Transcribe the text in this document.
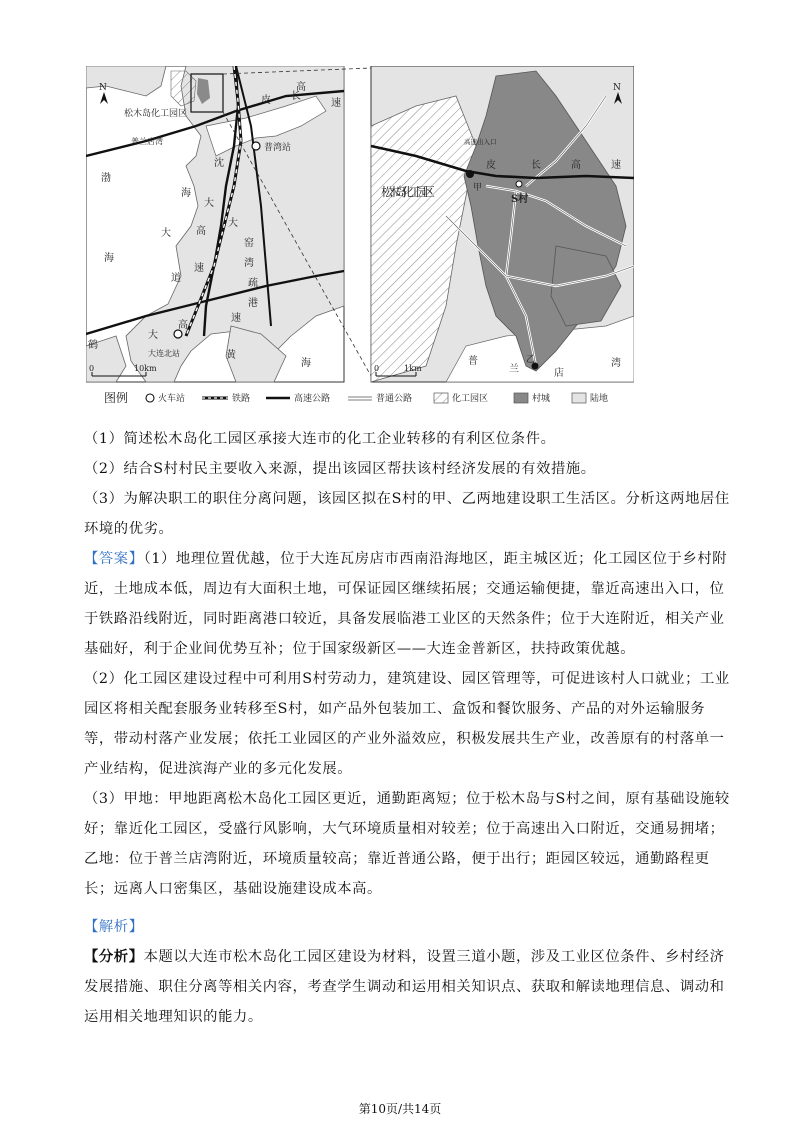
N
松木岛化工园区
普兰店湾
皮 长
高
速
普湾站
渤
海
沈
海
大
大	高
大
窑
湾
疏
港
道
速
速
大
高
大连北站
鹤
黄
海
0	10km
N
松木岛化工园区
高速出入口
皮	长	高	速
甲
S村
乙
普
兰	店
湾
0	1km
图例	火车站	铁路	高速公路	普通公路	化工园区	村城	陆地

（1）简述松木岛化工园区承接大连市的化工企业转移的有利区位条件。

（2）结合S村村民主要收入来源，提出该园区帮扶该村经济发展的有效措施。

（3）为解决职工的职住分离问题，该园区拟在S村的甲、乙两地建设职工生活区。分析这两地居住环境的优劣。

【答案】（1）地理位置优越，位于大连瓦房店市西南沿海地区，距主城区近；化工园区位于乡村附近，土地成本低，周边有大面积土地，可保证园区继续拓展；交通运输便捷，靠近高速出入口，位于铁路沿线附近，同时距离港口较近，具备发展临港工业区的天然条件；位于大连附近，相关产业基础好，利于企业间优势互补；位于国家级新区——大连金普新区，扶持政策优越。

（2）化工园区建设过程中可利用S村劳动力，建筑建设、园区管理等，可促进该村人口就业；工业园区将相关配套服务业转移至S村，如产品外包装加工、盒饭和餐饮服务、产品的对外运输服务等，带动村落产业发展；依托工业园区的产业外溢效应，积极发展共生产业，改善原有的村落单一产业结构，促进滨海产业的多元化发展。

（3）甲地：甲地距离松木岛化工园区更近，通勤距离短；位于松木岛与S村之间，原有基础设施较好；靠近化工园区，受盛行风影响，大气环境质量相对较差；位于高速出入口附近，交通易拥堵；乙地：位于普兰店湾附近，环境质量较高；靠近普通公路，便于出行；距园区较远，通勤路程更长；远离人口密集区，基础设施建设成本高。

【解析】

【分析】本题以大连市松木岛化工园区建设为材料，设置三道小题，涉及工业区位条件、乡村经济发展措施、职住分离等相关内容，考查学生调动和运用相关知识点、获取和解读地理信息、调动和运用相关地理知识的能力。

第10页/共14页
